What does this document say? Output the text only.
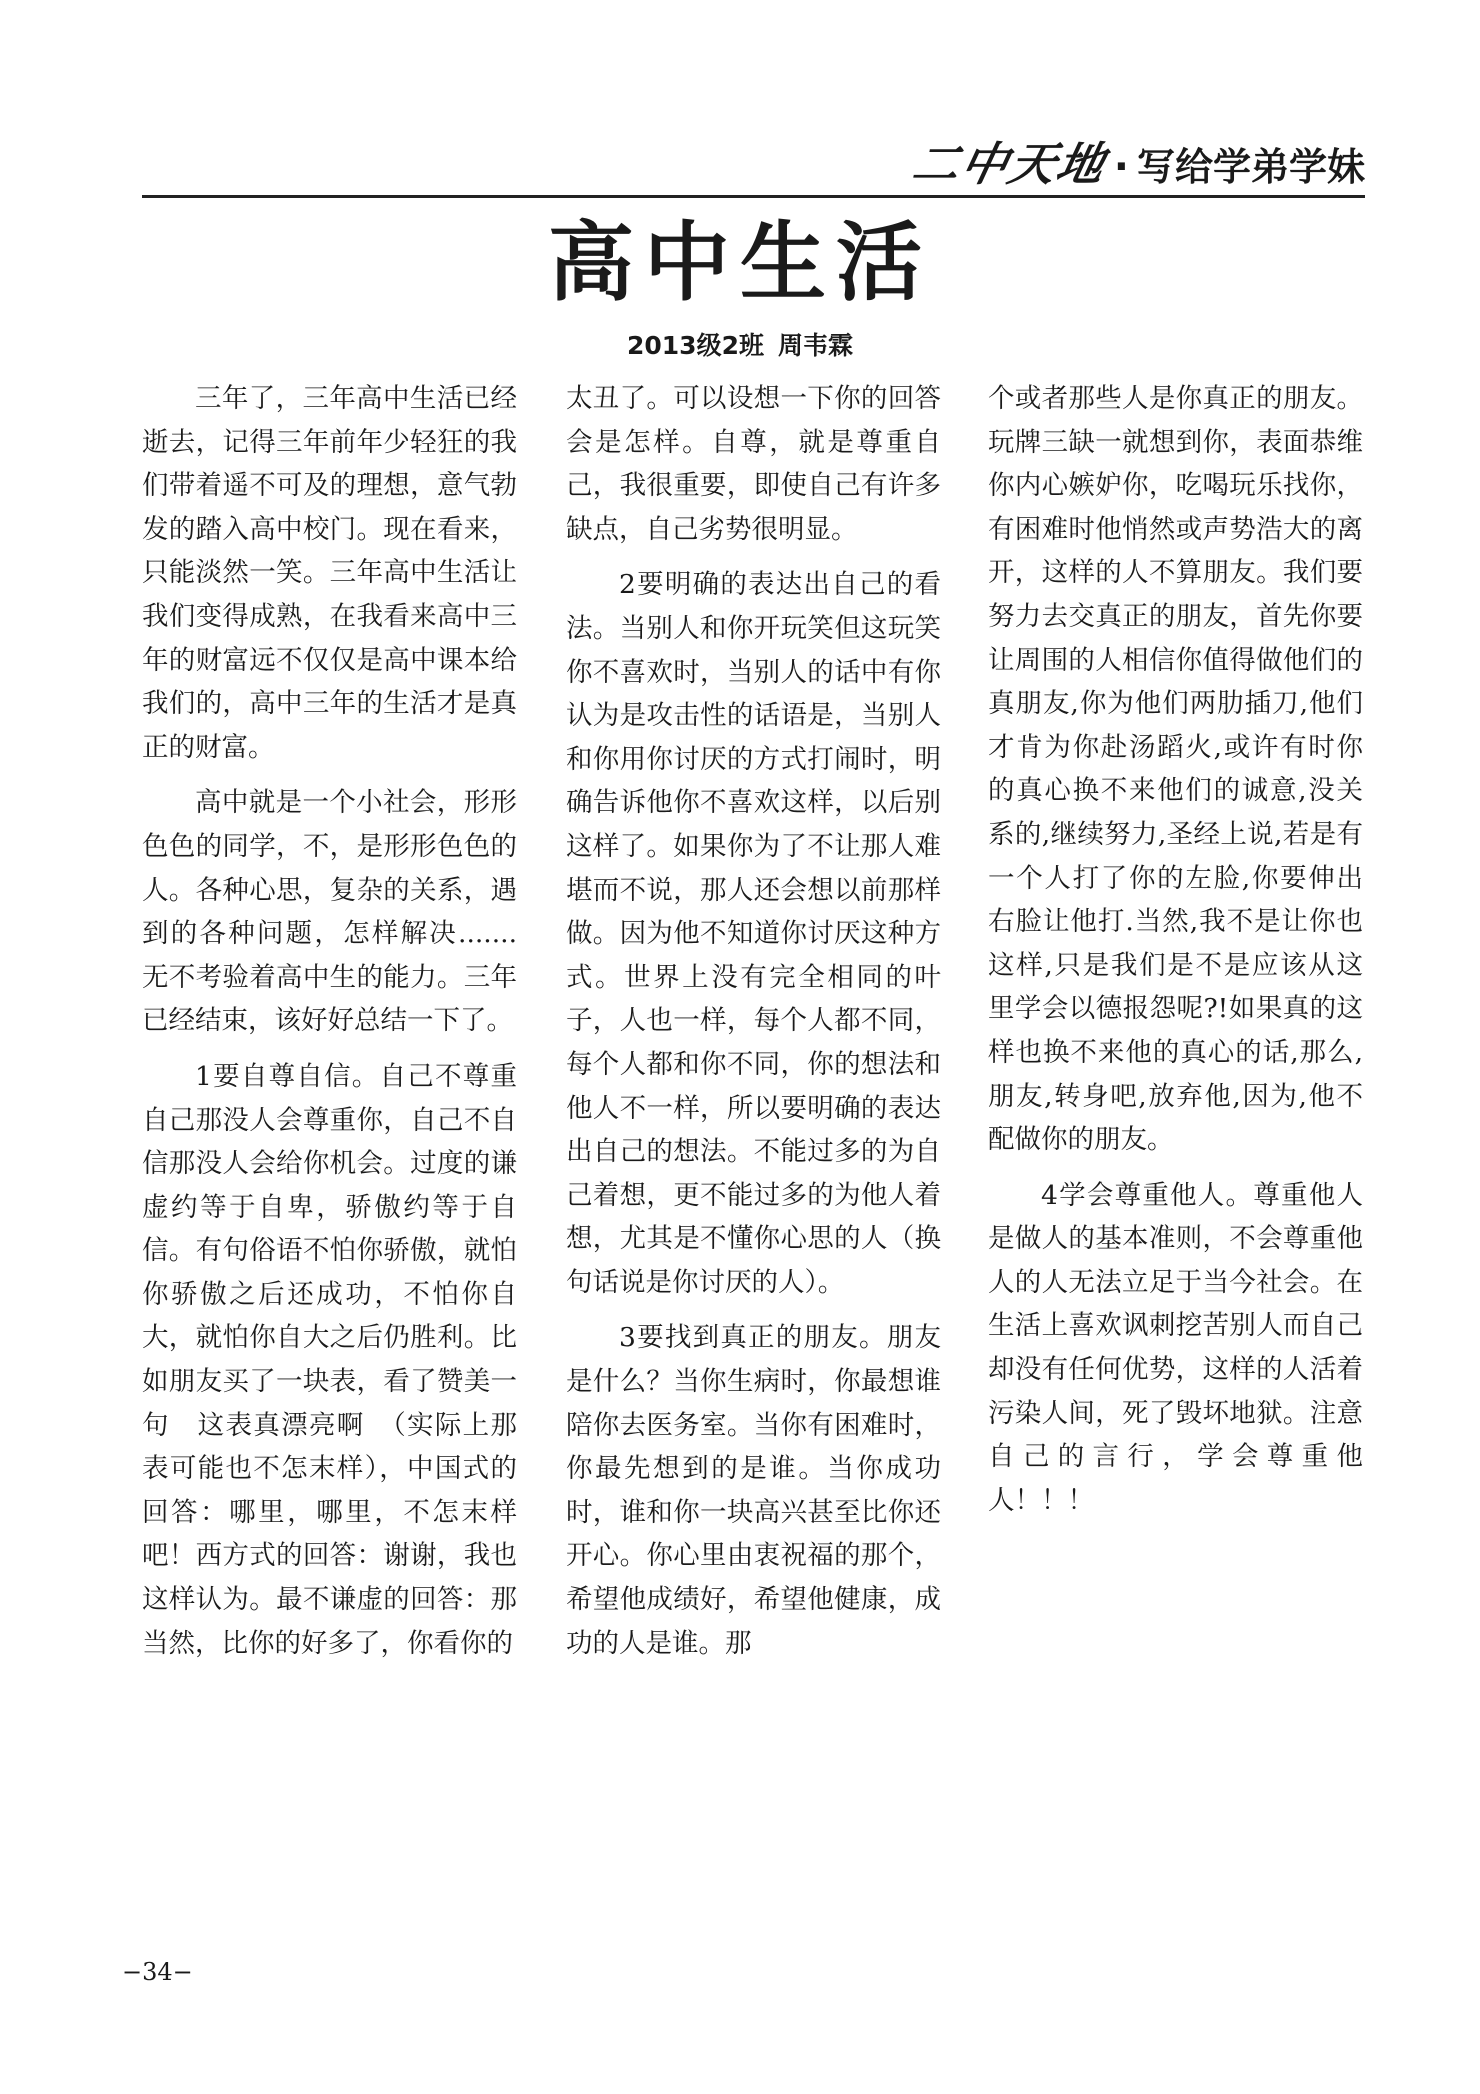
二中天地· 写给学弟学妹
高中生活
2013级2班 周韦霖

三年了，三年高中生活已经逝去，记得三年前年少轻狂的我们带着遥不可及的理想，意气勃发的踏入高中校门。现在看来，只能淡然一笑。三年高中生活让我们变得成熟，在我看来高中三年的财富远不仅仅是高中课本给我们的，高中三年的生活才是真正的财富。

高中就是一个小社会，形形色色的同学，不，是形形色色的人。各种心思，复杂的关系，遇到的各种问题，怎样解决.......无不考验着高中生的能力。三年已经结束，该好好总结一下了。

1要自尊自信。自己不尊重自己那没人会尊重你，自己不自信那没人会给你机会。过度的谦虚约等于自卑，骄傲约等于自信。有句俗语不怕你骄傲，就怕你骄傲之后还成功，不怕你自大，就怕你自大之后仍胜利。比如朋友买了一块表，看了赞美一句　这表真漂亮啊　（实际上那表可能也不怎末样），中国式的回答：哪里，哪里，不怎末样吧！西方式的回答：谢谢，我也这样认为。最不谦虚的回答：那当然，比你的好多了，你看你的

太丑了。可以设想一下你的回答会是怎样。自尊，就是尊重自己，我很重要，即使自己有许多缺点，自己劣势很明显。

2要明确的表达出自己的看法。当别人和你开玩笑但这玩笑你不喜欢时，当别人的话中有你认为是攻击性的话语是，当别人和你用你讨厌的方式打闹时，明确告诉他你不喜欢这样，以后别这样了。如果你为了不让那人难堪而不说，那人还会想以前那样做。因为他不知道你讨厌这种方式。世界上没有完全相同的叶子，人也一样，每个人都不同，每个人都和你不同，你的想法和他人不一样，所以要明确的表达出自己的想法。不能过多的为自己着想，更不能过多的为他人着想，尤其是不懂你心思的人（换句话说是你讨厌的人）。

3要找到真正的朋友。朋友是什么？当你生病时，你最想谁陪你去医务室。当你有困难时，你最先想到的是谁。当你成功时，谁和你一块高兴甚至比你还开心。你心里由衷祝福的那个，希望他成绩好，希望他健康，成功的人是谁。那

个或者那些人是你真正的朋友。玩牌三缺一就想到你，表面恭维你内心嫉妒你，吃喝玩乐找你，有困难时他悄然或声势浩大的离开，这样的人不算朋友。我们要努力去交真正的朋友，首先你要让周围的人相信你值得做他们的真朋友,你为他们两肋插刀,他们才肯为你赴汤蹈火,或许有时你的真心换不来他们的诚意,没关系的,继续努力,圣经上说,若是有一个人打了你的左脸,你要伸出右脸让他打.当然,我不是让你也这样,只是我们是不是应该从这里学会以德报怨呢?!如果真的这样也换不来他的真心的话,那么,朋友,转身吧,放弃他,因为,他不配做你的朋友。

4学会尊重他人。尊重他人是做人的基本准则，不会尊重他人的人无法立足于当今社会。在生活上喜欢讽刺挖苦别人而自己却没有任何优势，这样的人活着污染人间，死了毁坏地狱。注意自己的言行，学会尊重他人！！！

−34−
